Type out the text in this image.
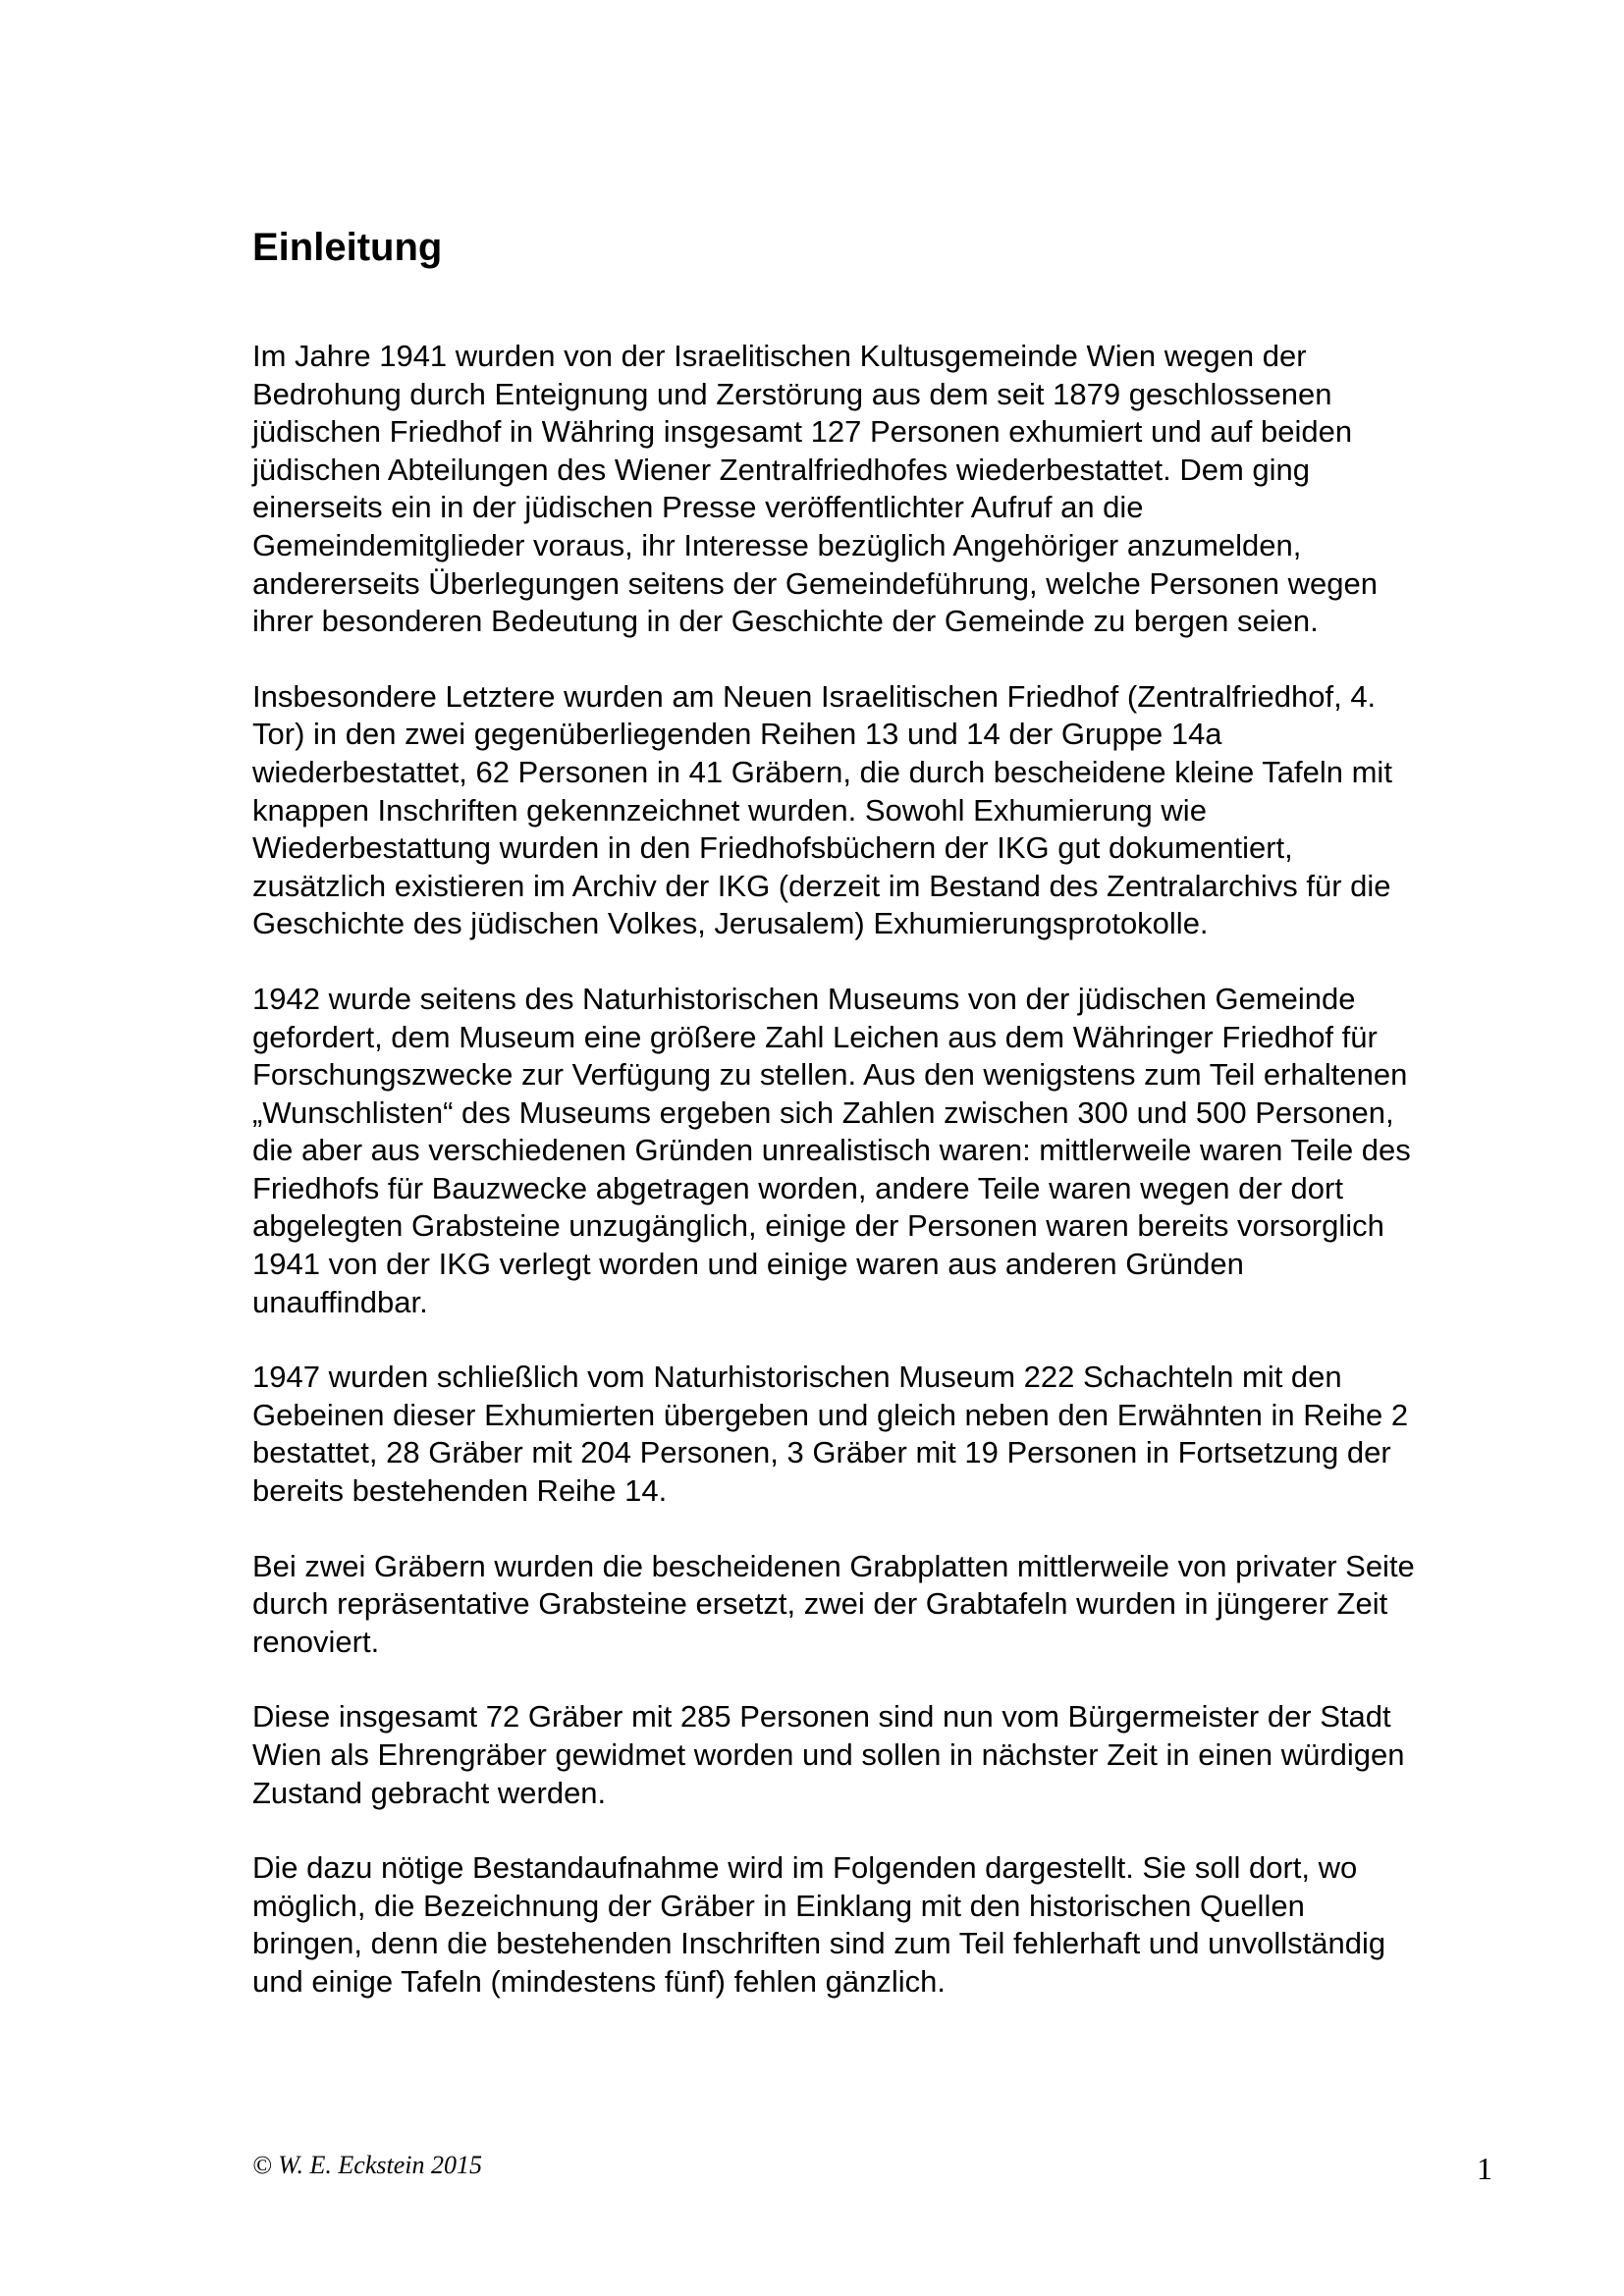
Einleitung

Im Jahre 1941 wurden von der Israelitischen Kultusgemeinde Wien wegen der
Bedrohung durch Enteignung und Zerstörung aus dem seit 1879 geschlossenen
jüdischen Friedhof in Währing insgesamt 127 Personen exhumiert und auf beiden
jüdischen Abteilungen des Wiener Zentralfriedhofes wiederbestattet. Dem ging
einerseits ein in der jüdischen Presse veröffentlichter Aufruf an die
Gemeindemitglieder voraus, ihr Interesse bezüglich Angehöriger anzumelden,
andererseits Überlegungen seitens der Gemeindeführung, welche Personen wegen
ihrer besonderen Bedeutung in der Geschichte der Gemeinde zu bergen seien.

Insbesondere Letztere wurden am Neuen Israelitischen Friedhof (Zentralfriedhof, 4.
Tor) in den zwei gegenüberliegenden Reihen 13 und 14 der Gruppe 14a
wiederbestattet, 62 Personen in 41 Gräbern, die durch bescheidene kleine Tafeln mit
knappen Inschriften gekennzeichnet wurden. Sowohl Exhumierung wie
Wiederbestattung wurden in den Friedhofsbüchern der IKG gut dokumentiert,
zusätzlich existieren im Archiv der IKG (derzeit im Bestand des Zentralarchivs für die
Geschichte des jüdischen Volkes, Jerusalem) Exhumierungsprotokolle.

1942 wurde seitens des Naturhistorischen Museums von der jüdischen Gemeinde
gefordert, dem Museum eine größere Zahl Leichen aus dem Währinger Friedhof für
Forschungszwecke zur Verfügung zu stellen. Aus den wenigstens zum Teil erhaltenen
„Wunschlisten“ des Museums ergeben sich Zahlen zwischen 300 und 500 Personen,
die aber aus verschiedenen Gründen unrealistisch waren: mittlerweile waren Teile des
Friedhofs für Bauzwecke abgetragen worden, andere Teile waren wegen der dort
abgelegten Grabsteine unzugänglich, einige der Personen waren bereits vorsorglich
1941 von der IKG verlegt worden und einige waren aus anderen Gründen
unauffindbar.

1947 wurden schließlich vom Naturhistorischen Museum 222 Schachteln mit den
Gebeinen dieser Exhumierten übergeben und gleich neben den Erwähnten in Reihe 2
bestattet, 28 Gräber mit 204 Personen, 3 Gräber mit 19 Personen in Fortsetzung der
bereits bestehenden Reihe 14.

Bei zwei Gräbern wurden die bescheidenen Grabplatten mittlerweile von privater Seite
durch repräsentative Grabsteine ersetzt, zwei der Grabtafeln wurden in jüngerer Zeit
renoviert.

Diese insgesamt 72 Gräber mit 285 Personen sind nun vom Bürgermeister der Stadt
Wien als Ehrengräber gewidmet worden und sollen in nächster Zeit in einen würdigen
Zustand gebracht werden.

Die dazu nötige Bestandaufnahme wird im Folgenden dargestellt. Sie soll dort, wo
möglich, die Bezeichnung der Gräber in Einklang mit den historischen Quellen
bringen, denn die bestehenden Inschriften sind zum Teil fehlerhaft und unvollständig
und einige Tafeln (mindestens fünf) fehlen gänzlich.

© W. E. Eckstein 2015	1
